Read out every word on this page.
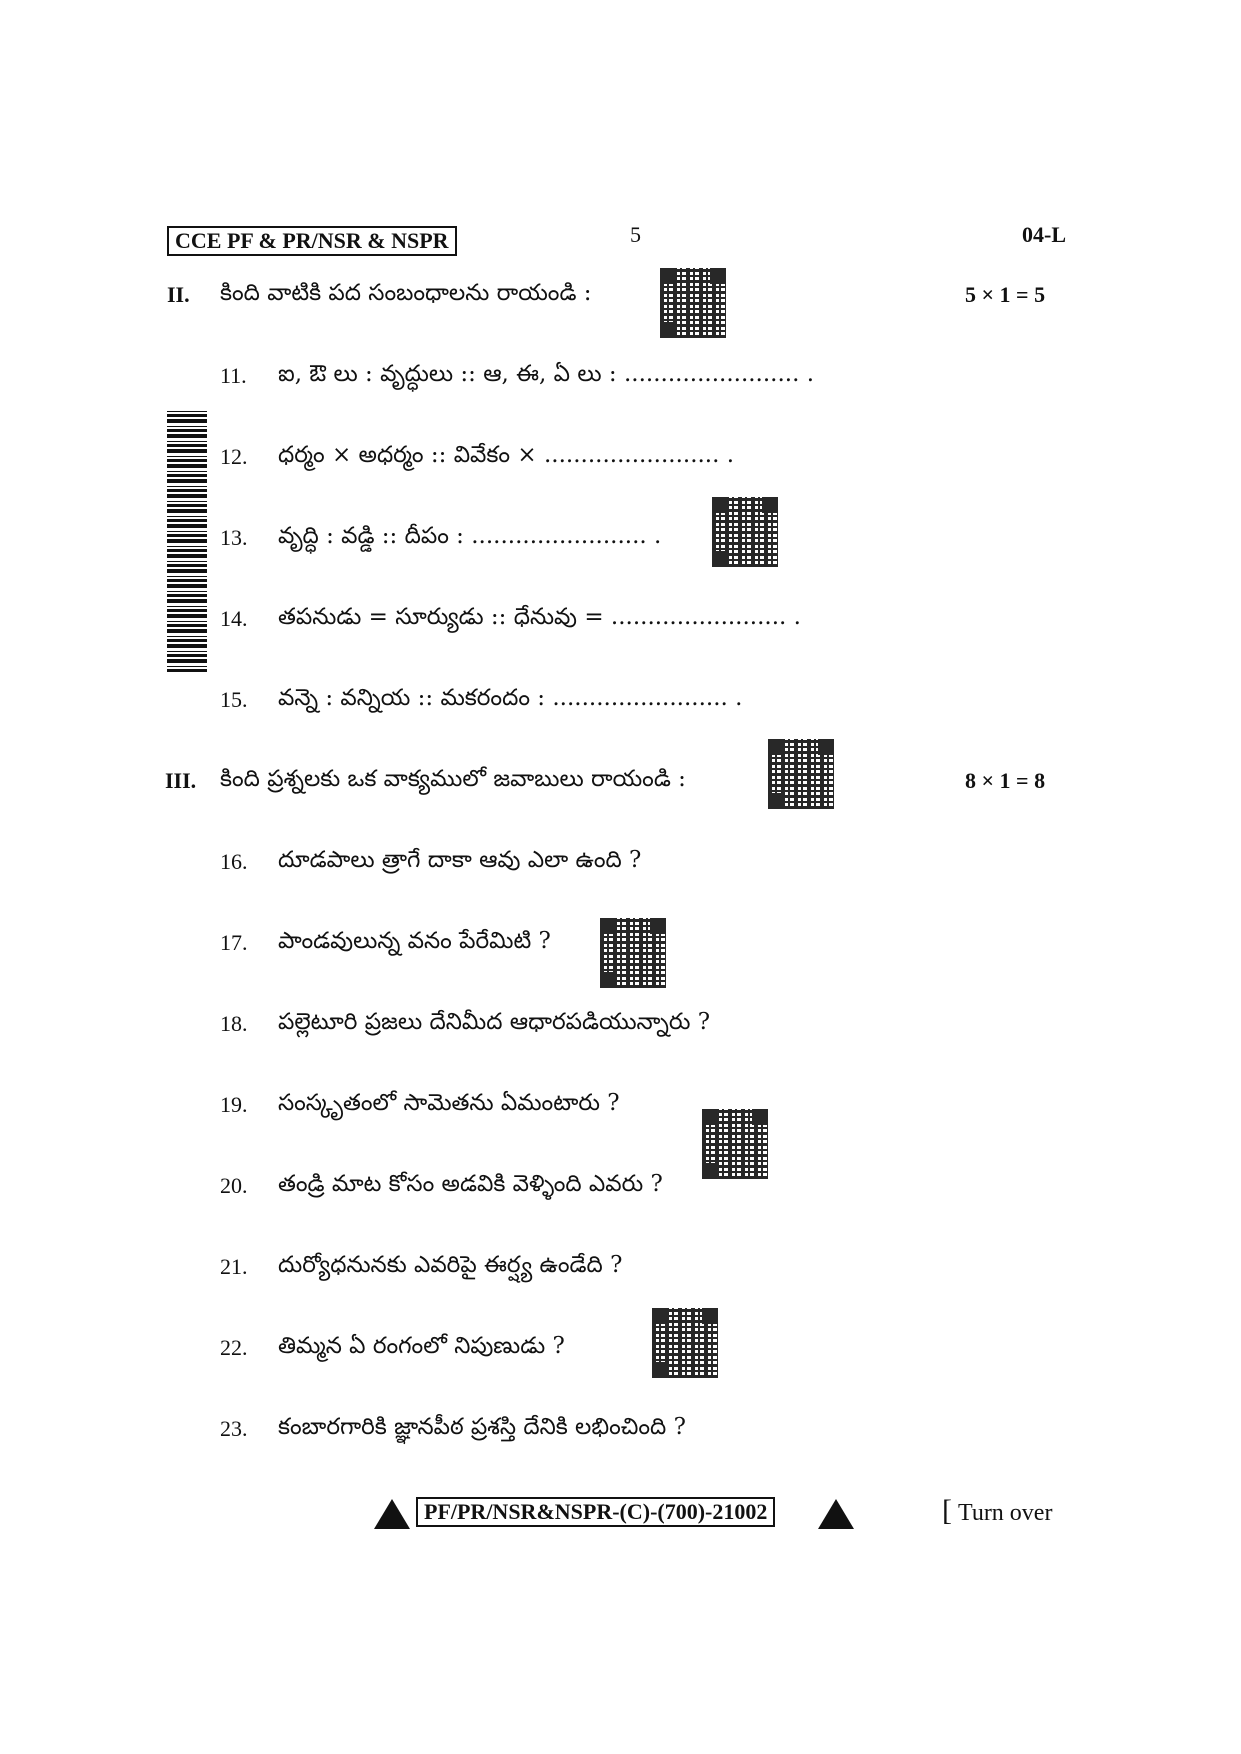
CCE PF & PR/NSR & NSPR	5	04-L
II. కింది వాటికి పద సంబంధాలను రాయండి :	5 × 1 = 5
11. ఐ, ఔ లు : వృద్ధులు :: ఆ, ఈ, ఏ లు : ........................ .
12. ధర్మం × అధర్మం :: వివేకం × ........................ .
13. వృద్ధి : వడ్డి :: దీపం : ........................ .
14. తపనుడు = సూర్యుడు :: ధేనువు = ........................ .
15. వన్నె : వన్నియ :: మకరందం : ........................ .
III. కింది ప్రశ్నలకు ఒక వాక్యములో జవాబులు రాయండి :	8 × 1 = 8
16. దూడపాలు త్రాగే దాకా ఆవు ఎలా ఉంది ?
17. పాండవులున్న వనం పేరేమిటి ?
18. పల్లెటూరి ప్రజలు దేనిమీద ఆధారపడియున్నారు ?
19. సంస్కృతంలో సామెతను ఏమంటారు ?
20. తండ్రి మాట కోసం అడవికి వెళ్ళింది ఎవరు ?
21. దుర్యోధనునకు ఎవరిపై ఈర్ష్య ఉండేది ?
22. తిమ్మన ఏ రంగంలో నిపుణుడు ?
23. కంబారగారికి జ్ఞానపీఠ ప్రశస్తి దేనికి లభించింది ?
PF/PR/NSR&NSPR-(C)-(700)-21002	[ Turn over
